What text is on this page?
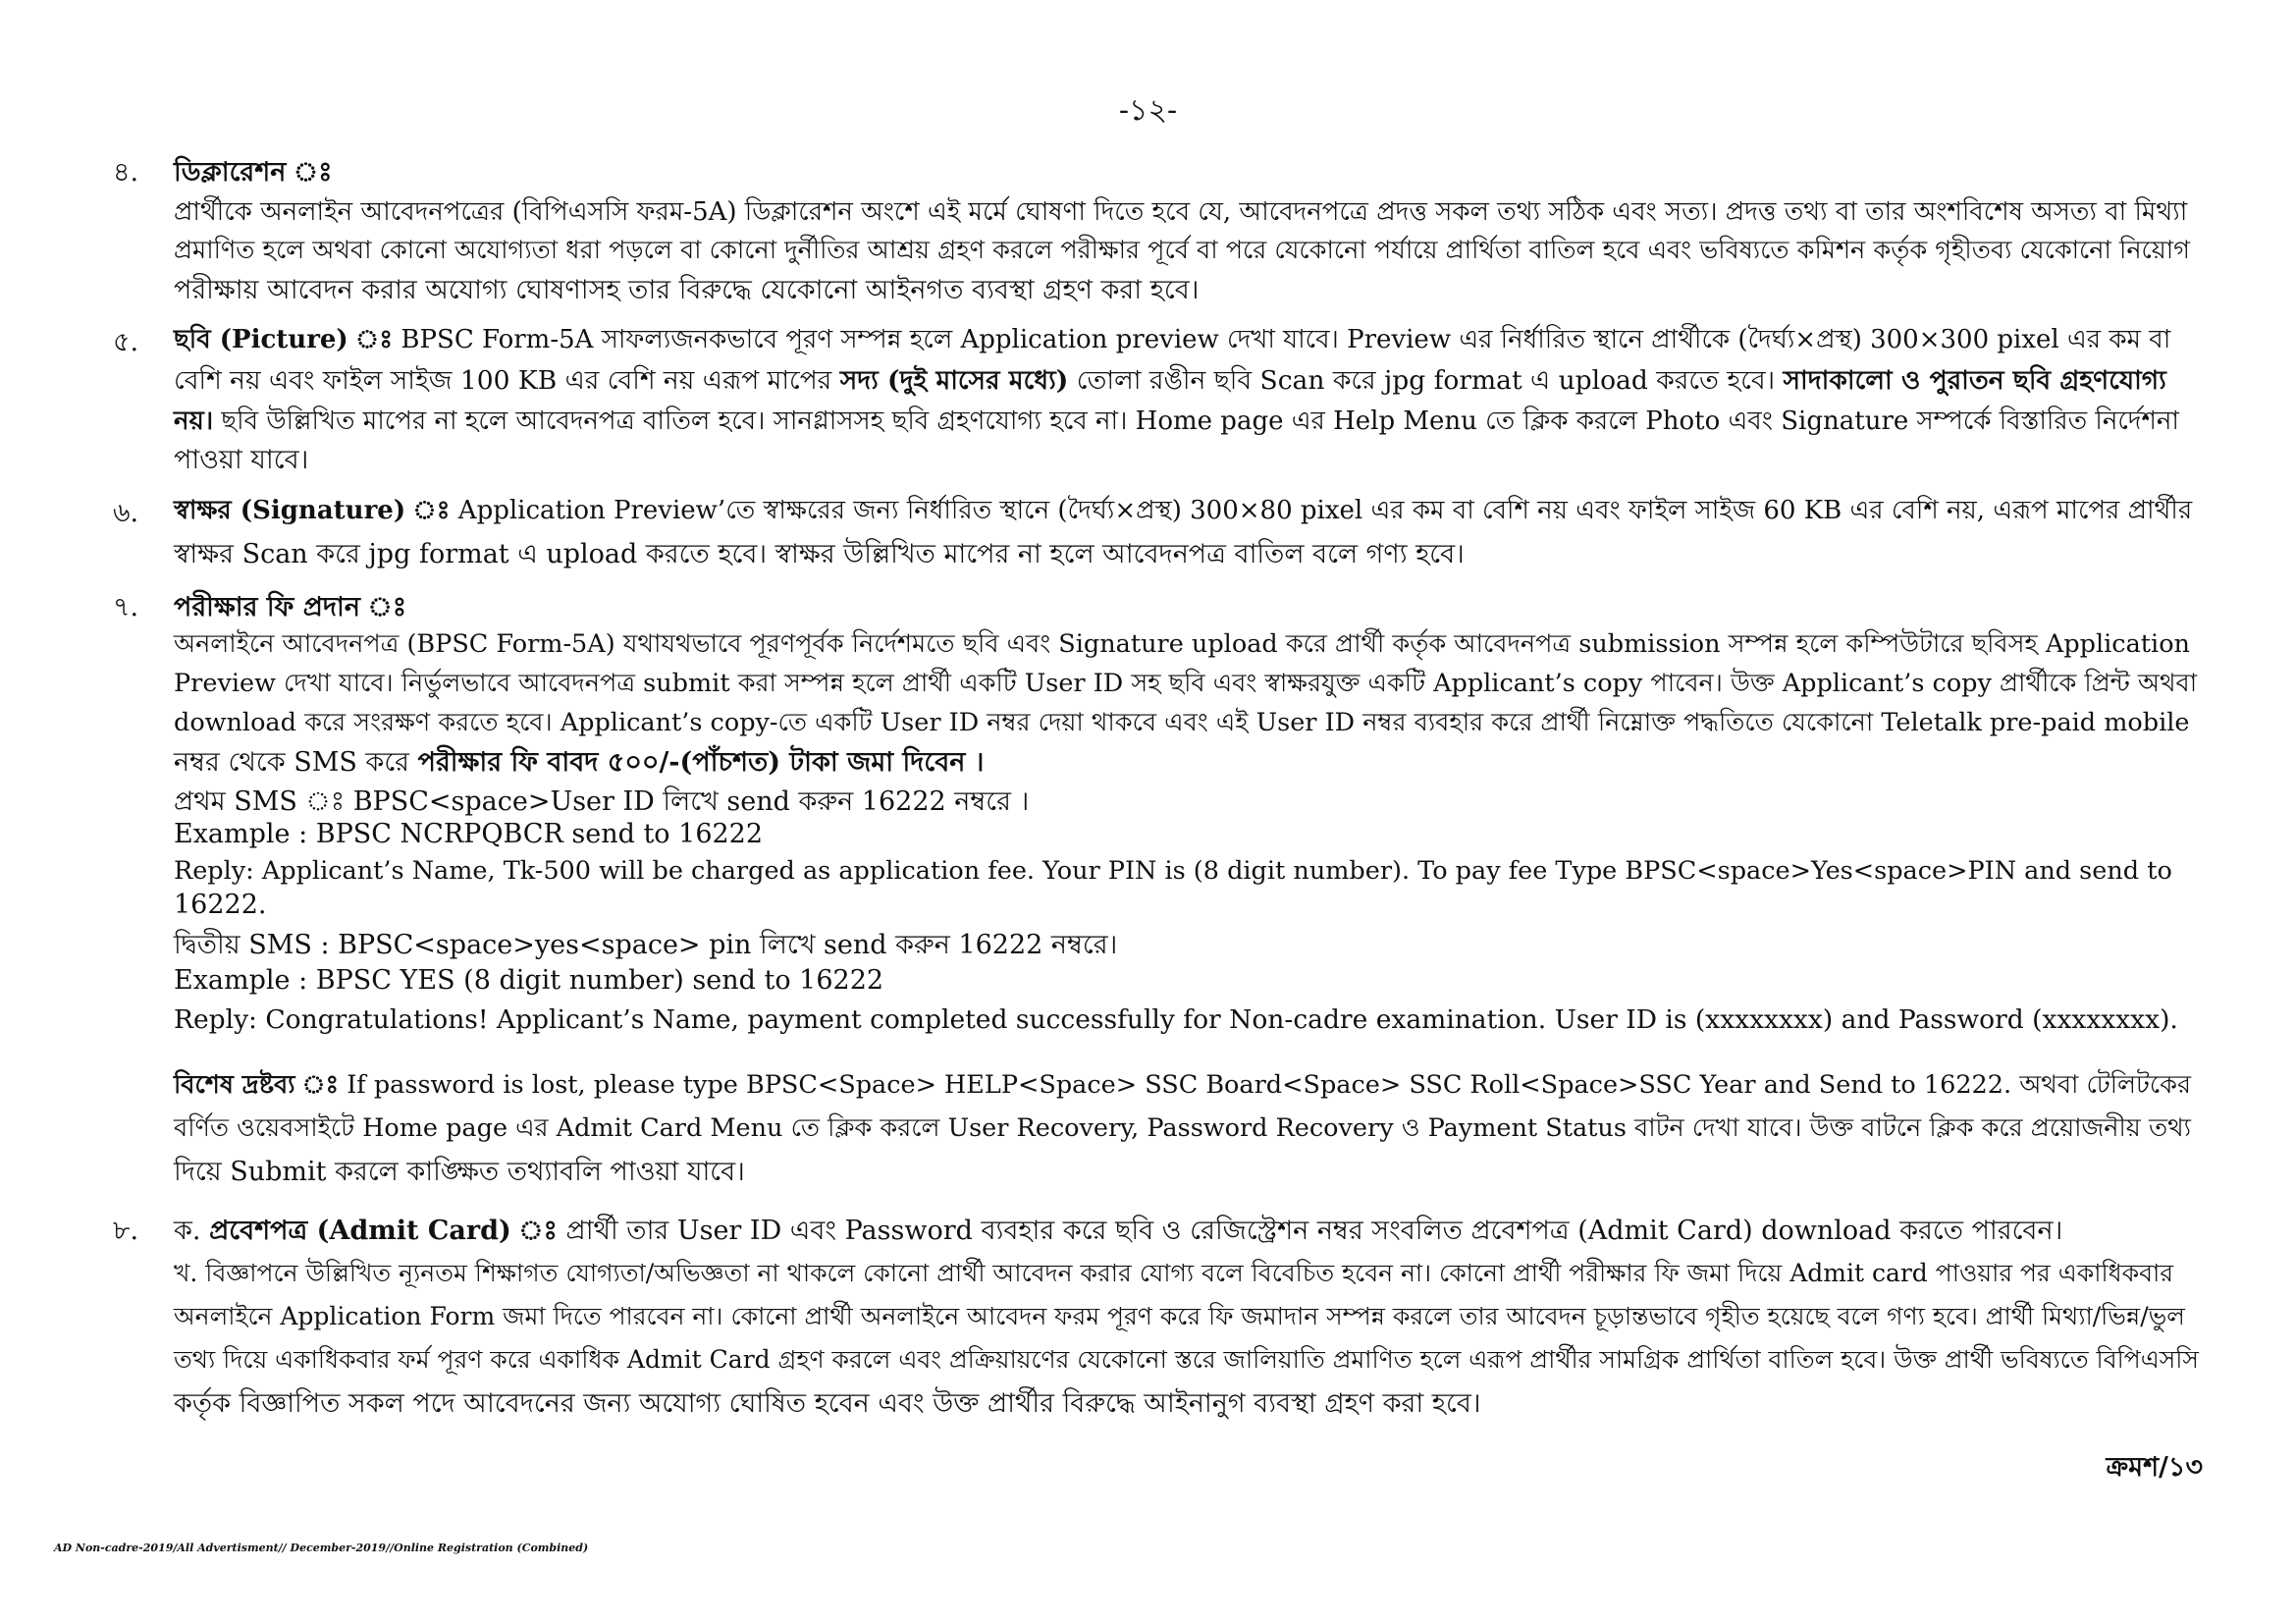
-১২-
৪.	ডিক্লারেশন ঃ
প্রার্থীকে অনলাইন আবেদনপত্রের (বিপিএসসি ফরম-5A) ডিক্লারেশন অংশে এই মর্মে ঘোষণা দিতে হবে যে, আবেদনপত্রে প্রদত্ত সকল তথ্য সঠিক এবং সত্য। প্রদত্ত তথ্য বা তার অংশবিশেষ অসত্য বা মিথ্যা
প্রমাণিত হলে অথবা কোনো অযোগ্যতা ধরা পড়লে বা কোনো দুর্নীতির আশ্রয় গ্রহণ করলে পরীক্ষার পূর্বে বা পরে যেকোনো পর্যায়ে প্রার্থিতা বাতিল হবে এবং ভবিষ্যতে কমিশন কর্তৃক গৃহীতব্য যেকোনো নিয়োগ
পরীক্ষায় আবেদন করার অযোগ্য ঘোষণাসহ তার বিরুদ্ধে যেকোনো আইনগত ব্যবস্থা গ্রহণ করা হবে।
৫.	ছবি (Picture) ঃ BPSC Form-5A সাফল্যজনকভাবে পূরণ সম্পন্ন হলে Application preview দেখা যাবে। Preview এর নির্ধারিত স্থানে প্রার্থীকে (দৈর্ঘ্য×প্রস্থ) 300×300 pixel এর কম বা
বেশি নয় এবং ফাইল সাইজ 100 KB এর বেশি নয় এরূপ মাপের সদ্য (দুই মাসের মধ্যে) তোলা রঙীন ছবি Scan করে jpg format এ upload করতে হবে। সাদাকালো ও পুরাতন ছবি গ্রহণযোগ্য
নয়। ছবি উল্লিখিত মাপের না হলে আবেদনপত্র বাতিল হবে। সানগ্লাসসহ ছবি গ্রহণযোগ্য হবে না। Home page এর Help Menu তে ক্লিক করলে Photo এবং Signature সম্পর্কে বিস্তারিত নির্দেশনা
পাওয়া যাবে।
৬.	স্বাক্ষর (Signature) ঃ Application Preview’তে স্বাক্ষরের জন্য নির্ধারিত স্থানে (দৈর্ঘ্য×প্রস্থ) 300×80 pixel এর কম বা বেশি নয় এবং ফাইল সাইজ 60 KB এর বেশি নয়, এরূপ মাপের প্রার্থীর
স্বাক্ষর Scan করে jpg format এ upload করতে হবে। স্বাক্ষর উল্লিখিত মাপের না হলে আবেদনপত্র বাতিল বলে গণ্য হবে।
৭.	পরীক্ষার ফি প্রদান ঃ
অনলাইনে আবেদনপত্র (BPSC Form-5A) যথাযথভাবে পূরণপূর্বক নির্দেশমতে ছবি এবং Signature upload করে প্রার্থী কর্তৃক আবেদনপত্র submission সম্পন্ন হলে কম্পিউটারে ছবিসহ Application
Preview দেখা যাবে। নির্ভুলভাবে আবেদনপত্র submit করা সম্পন্ন হলে প্রার্থী একটি User ID সহ ছবি এবং স্বাক্ষরযুক্ত একটি Applicant’s copy পাবেন। উক্ত Applicant’s copy প্রার্থীকে প্রিন্ট অথবা
download করে সংরক্ষণ করতে হবে। Applicant’s copy-তে একটি User ID নম্বর দেয়া থাকবে এবং এই User ID নম্বর ব্যবহার করে প্রার্থী নিম্নোক্ত পদ্ধতিতে যেকোনো Teletalk pre-paid mobile
নম্বর থেকে SMS করে পরীক্ষার ফি বাবদ ৫০০/-(পাঁচশত) টাকা জমা দিবেন ।
প্রথম SMS ঃ BPSC<space>User ID লিখে send করুন 16222 নম্বরে ।
Example : BPSC NCRPQBCR send to 16222
Reply: Applicant’s Name, Tk-500 will be charged as application fee. Your PIN is (8 digit number). To pay fee Type BPSC<space>Yes<space>PIN and send to
16222.
দ্বিতীয় SMS : BPSC<space>yes<space> pin লিখে send করুন 16222 নম্বরে।
Example : BPSC YES (8 digit number) send to 16222
Reply: Congratulations! Applicant’s Name, payment completed successfully for Non-cadre examination. User ID is (xxxxxxxx) and Password (xxxxxxxx).
বিশেষ দ্রষ্টব্য ঃ If password is lost, please type BPSC<Space> HELP<Space> SSC Board<Space> SSC Roll<Space>SSC Year and Send to 16222. অথবা টেলিটকের
বর্ণিত ওয়েবসাইটে Home page এর Admit Card Menu তে ক্লিক করলে User Recovery, Password Recovery ও Payment Status বাটন দেখা যাবে। উক্ত বাটনে ক্লিক করে প্রয়োজনীয় তথ্য
দিয়ে Submit করলে কাঙ্ক্ষিত তথ্যাবলি পাওয়া যাবে।
৮.	ক. প্রবেশপত্র (Admit Card) ঃ প্রার্থী তার User ID এবং Password ব্যবহার করে ছবি ও রেজিস্ট্রেশন নম্বর সংবলিত প্রবেশপত্র (Admit Card) download করতে পারবেন।
খ. বিজ্ঞাপনে উল্লিখিত ন্যূনতম শিক্ষাগত যোগ্যতা/অভিজ্ঞতা না থাকলে কোনো প্রার্থী আবেদন করার যোগ্য বলে বিবেচিত হবেন না। কোনো প্রার্থী পরীক্ষার ফি জমা দিয়ে Admit card পাওয়ার পর একাধিকবার
অনলাইনে Application Form জমা দিতে পারবেন না। কোনো প্রার্থী অনলাইনে আবেদন ফরম পূরণ করে ফি জমাদান সম্পন্ন করলে তার আবেদন চূড়ান্তভাবে গৃহীত হয়েছে বলে গণ্য হবে। প্রার্থী মিথ্যা/ভিন্ন/ভুল
তথ্য দিয়ে একাধিকবার ফর্ম পূরণ করে একাধিক Admit Card গ্রহণ করলে এবং প্রক্রিয়ায়ণের যেকোনো স্তরে জালিয়াতি প্রমাণিত হলে এরূপ প্রার্থীর সামগ্রিক প্রার্থিতা বাতিল হবে। উক্ত প্রার্থী ভবিষ্যতে বিপিএসসি
কর্তৃক বিজ্ঞাপিত সকল পদে আবেদনের জন্য অযোগ্য ঘোষিত হবেন এবং উক্ত প্রার্থীর বিরুদ্ধে আইনানুগ ব্যবস্থা গ্রহণ করা হবে।
ক্রমশ/১৩
AD Non-cadre-2019/All Advertisment// December-2019//Online Registration (Combined)
